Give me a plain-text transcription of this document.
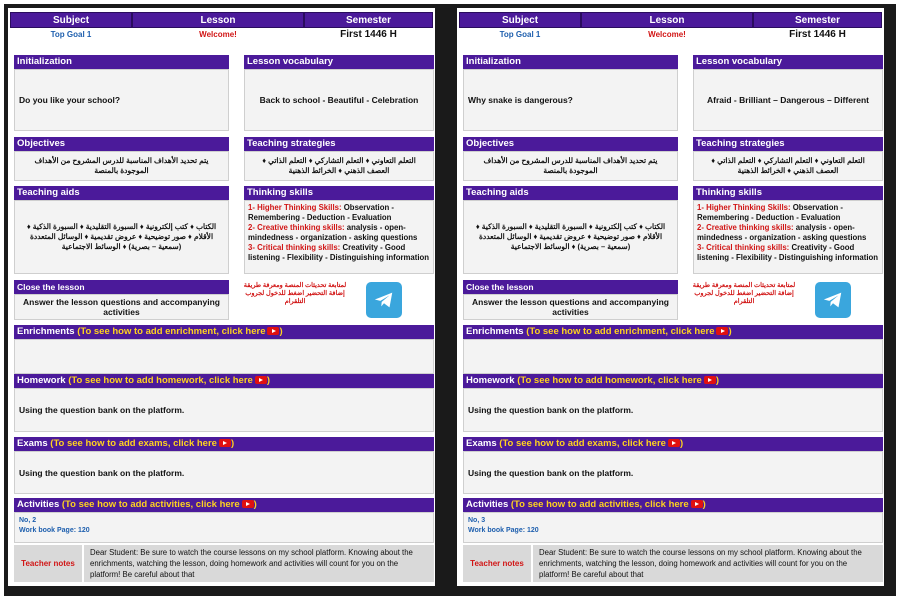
Subject	Lesson	Semester
Top Goal 1	Welcome!	First 1446 H
Initialization
Do you like your school?
Lesson vocabulary
Back to school - Beautiful - Celebration
Objectives
يتم تحديد الأهداف المناسبة للدرس المشروح من الأهداف الموجودة بالمنصة
Teaching strategies
التعلم التعاوني ♦ التعلم التشاركي ♦ التعلم الذاتي ♦ العصف الذهني ♦ الخرائط الذهنية
Teaching aids
الكتاب ♦ كتب إلكترونية ♦ السبورة التقليدية ♦ السبورة الذكية ♦ الأقلام ♦ صور توضيحية ♦ عروض تقديمية ♦ الوسائل المتعددة (سمعية – بصرية) ♦ الوسائط الاجتماعية
Thinking skills
1- Higher Thinking Skills: Observation - Remembering - Deduction - Evaluation
2- Creative thinking skills: analysis - open-mindedness - organization - asking questions
3- Critical thinking skills: Creativity - Good listening - Flexibility - Distinguishing information
Close the lesson
Answer the lesson questions and accompanying activities
لمتابعة تحديثات المنصة ومعرفة طريقة إضافة التحضير اضغط للدخول لجروب التلقرام
Enrichments (To see how to add enrichment, click here )
Homework (To see how to add homework, click here )
Using the question bank on the platform.
Exams (To see how to add exams, click here )
Using the question bank on the platform.
Activities (To see how to add activities, click here )
No, 2
Work book Page: 120
Teacher notes
Dear Student: Be sure to watch the course lessons on my school platform. Knowing about the enrichments, watching the lesson, doing homework and activities will count for you on the platform! Be careful about that
Subject	Lesson	Semester
Top Goal 1	Welcome!	First 1446 H
Initialization
Why snake is dangerous?
Lesson vocabulary
Afraid - Brilliant – Dangerous – Different
Objectives
يتم تحديد الأهداف المناسبة للدرس المشروح من الأهداف الموجودة بالمنصة
Teaching strategies
التعلم التعاوني ♦ التعلم التشاركي ♦ التعلم الذاتي ♦ العصف الذهني ♦ الخرائط الذهنية
Teaching aids
الكتاب ♦ كتب إلكترونية ♦ السبورة التقليدية ♦ السبورة الذكية ♦ الأقلام ♦ صور توضيحية ♦ عروض تقديمية ♦ الوسائل المتعددة (سمعية – بصرية) ♦ الوسائط الاجتماعية
Thinking skills
1- Higher Thinking Skills: Observation - Remembering - Deduction - Evaluation
2- Creative thinking skills: analysis - open-mindedness - organization - asking questions
3- Critical thinking skills: Creativity - Good listening - Flexibility - Distinguishing information
Close the lesson
Answer the lesson questions and accompanying activities
لمتابعة تحديثات المنصة ومعرفة طريقة إضافة التحضير اضغط للدخول لجروب التلقرام
Enrichments (To see how to add enrichment, click here )
Homework (To see how to add homework, click here )
Using the question bank on the platform.
Exams (To see how to add exams, click here )
Using the question bank on the platform.
Activities (To see how to add activities, click here )
No, 3
Work book Page: 120
Teacher notes
Dear Student: Be sure to watch the course lessons on my school platform. Knowing about the enrichments, watching the lesson, doing homework and activities will count for you on the platform! Be careful about that
